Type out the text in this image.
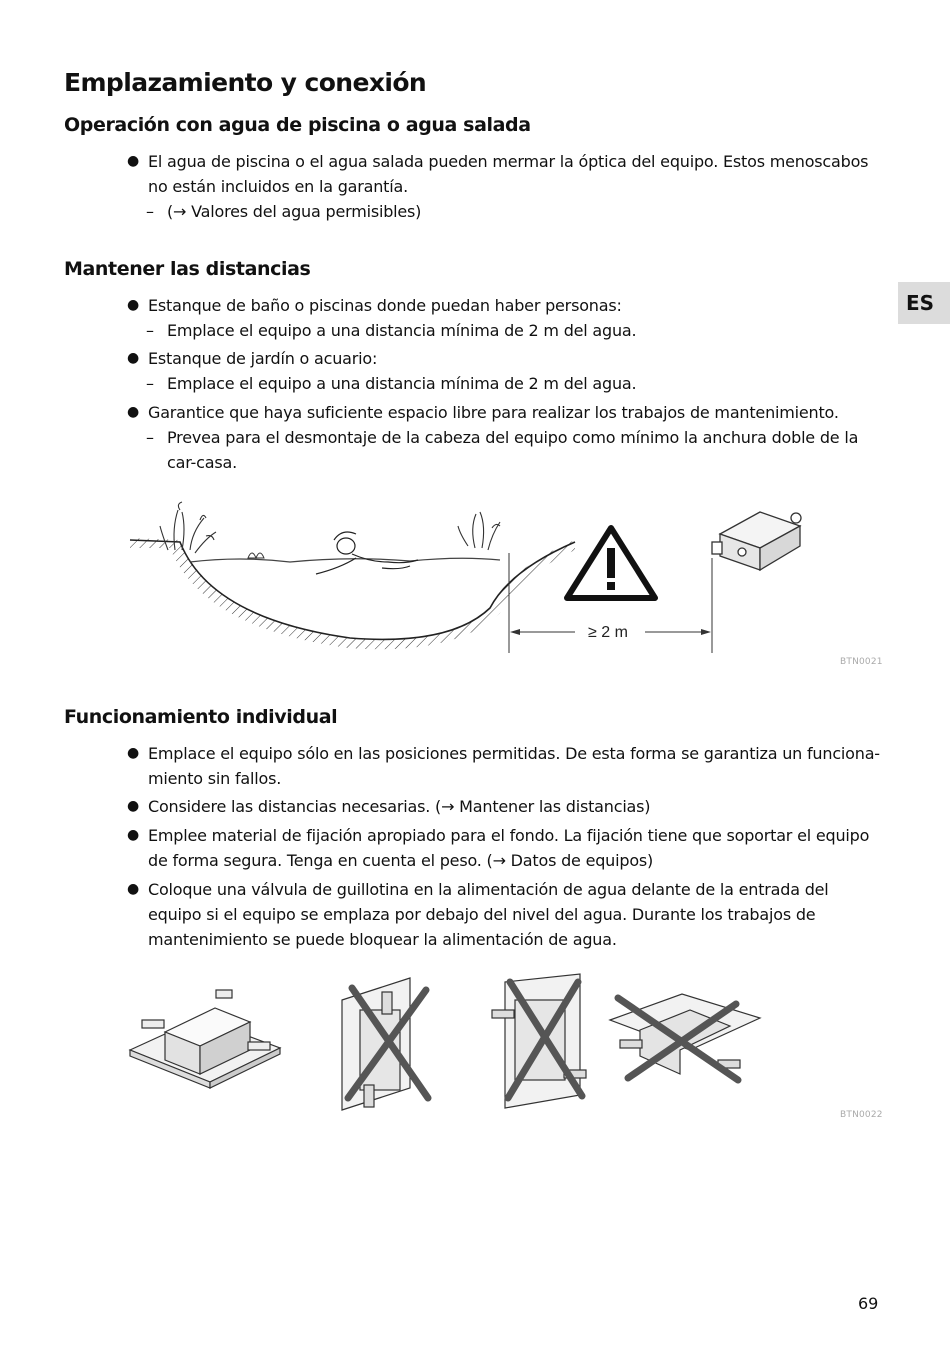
Emplazamiento y conexión
Operación con agua de piscina o agua salada
● El agua de piscina o el agua salada pueden mermar la óptica del equipo. Estos menoscabos no están incluidos en la garantía.
– (→ Valores del agua permisibles)
ES
Mantener las distancias
● Estanque de baño o piscinas donde puedan haber personas:
– Emplace el equipo a una distancia mínima de 2 m del agua.
● Estanque de jardín o acuario:
– Emplace el equipo a una distancia mínima de 2 m del agua.
● Garantice que haya suficiente espacio libre para realizar los trabajos de mantenimiento.
– Prevea para el desmontaje de la cabeza del equipo como mínimo la anchura doble de la car-casa.
≥ 2 m
BTN0021
Funcionamiento individual
● Emplace el equipo sólo en las posiciones permitidas. De esta forma se garantiza un funciona-miento sin fallos.
● Considere las distancias necesarias. (→ Mantener las distancias)
● Emplee material de fijación apropiado para el fondo. La fijación tiene que soportar el equipo de forma segura. Tenga en cuenta el peso. (→ Datos de equipos)
● Coloque una válvula de guillotina en la alimentación de agua delante de la entrada del equipo si el equipo se emplaza por debajo del nivel del agua. Durante los trabajos de mantenimiento se puede bloquear la alimentación de agua.
BTN0022
69
